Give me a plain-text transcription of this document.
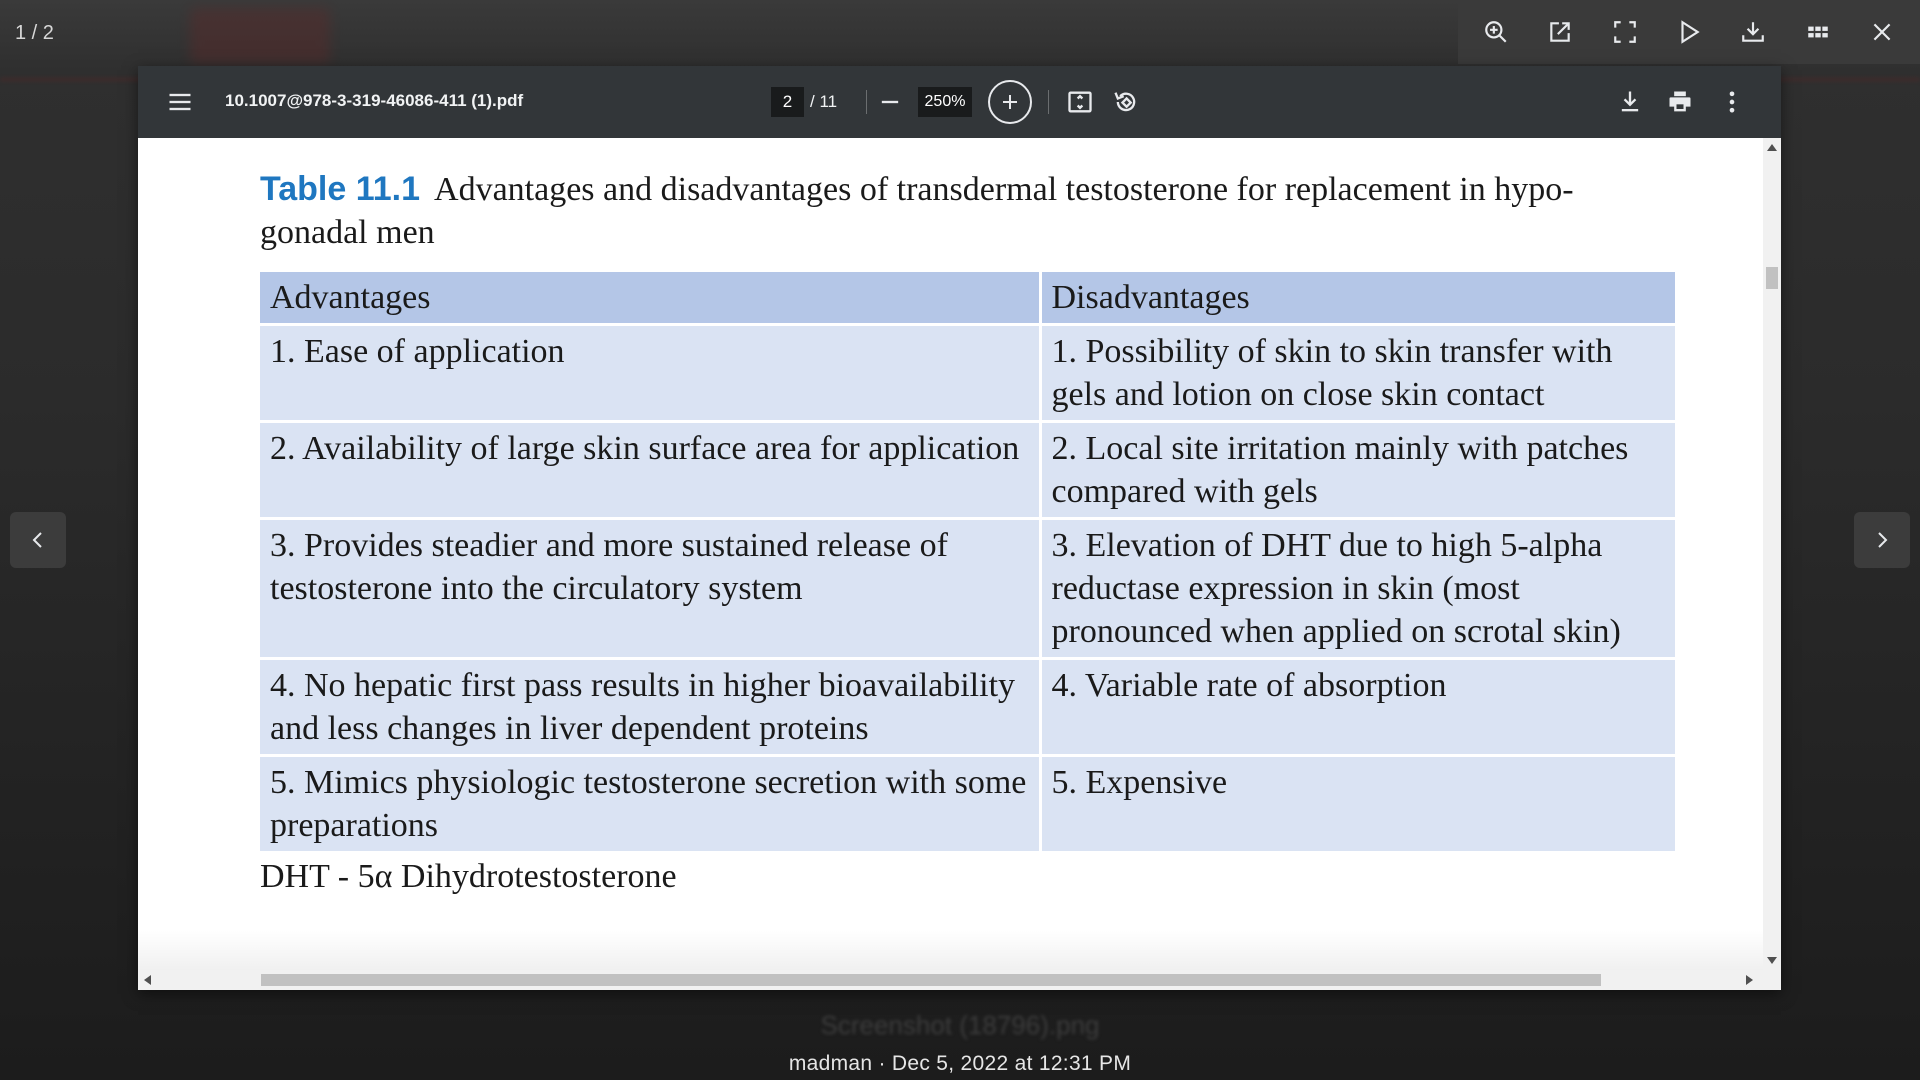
Screenshot (18796).png
1 / 2
10.1007@978-3-319-46086-411 (1).pdf
2	/ 11
250%
Table 11.1 Advantages and disadvantages of transdermal testosterone for replacement in hypo-gonadal men
Advantages	Disadvantages
1. Ease of application	1. Possibility of skin to skin transfer with gels and lotion on close skin contact
2. Availability of large skin surface area for application	2. Local site irritation mainly with patches compared with gels
3. Provides steadier and more sustained release of testosterone into the circulatory system	3. Elevation of DHT due to high 5-alpha reductase expression in skin (most pronounced when applied on scrotal skin)
4. No hepatic first pass results in higher bioavailability and less changes in liver dependent proteins	4. Variable rate of absorption
5. Mimics physiologic testosterone secretion with some preparations	5. Expensive
DHT - 5α Dihydrotestosterone
madman · Dec 5, 2022 at 12:31 PM
